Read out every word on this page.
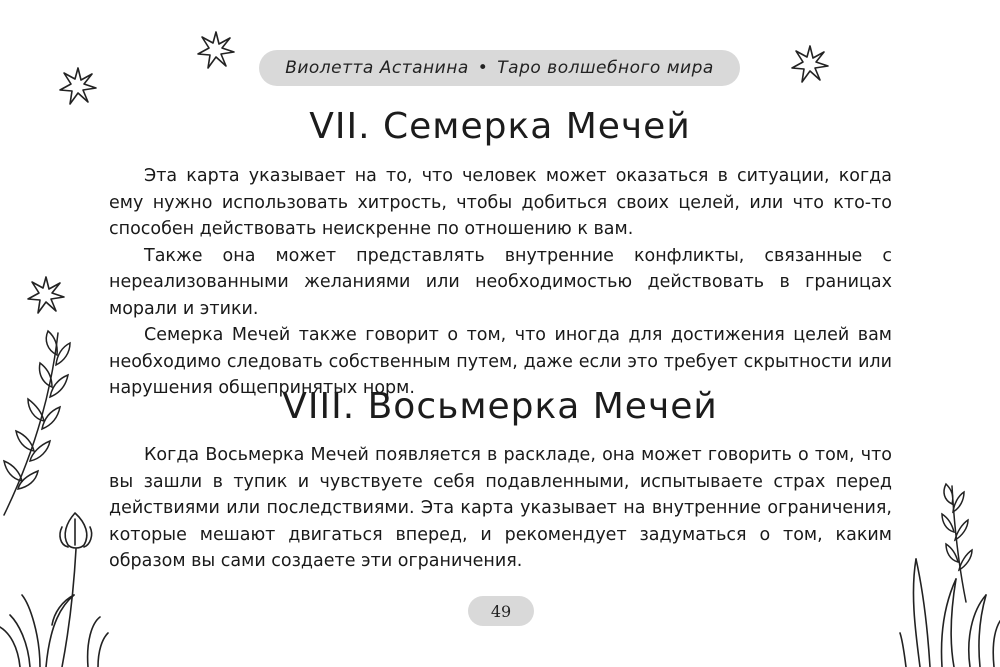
Виолетта Астанина • Таро волшебного мира
VII. Семерка Мечей

Эта карта указывает на то, что человек может оказаться в ситуации, когда ему нужно использовать хитрость, чтобы добиться своих целей, или что кто-то способен действовать неискренне по отношению к вам.

Также она может представлять внутренние конфликты, связанные с нереализованными желаниями или необходимостью действовать в границах морали и этики.

Семерка Мечей также говорит о том, что иногда для достижения целей вам необходимо следовать собственным путем, даже если это требует скрытности или нарушения общепринятых норм.

VIII. Восьмерка Мечей

Когда Восьмерка Мечей появляется в раскладе, она может говорить о том, что вы зашли в тупик и чувствуете себя подавленными, испытываете страх перед действиями или последствиями. Эта карта указывает на внутренние ограничения, которые мешают двигаться вперед, и рекомендует задуматься о том, каким образом вы сами создаете эти ограничения.

49
